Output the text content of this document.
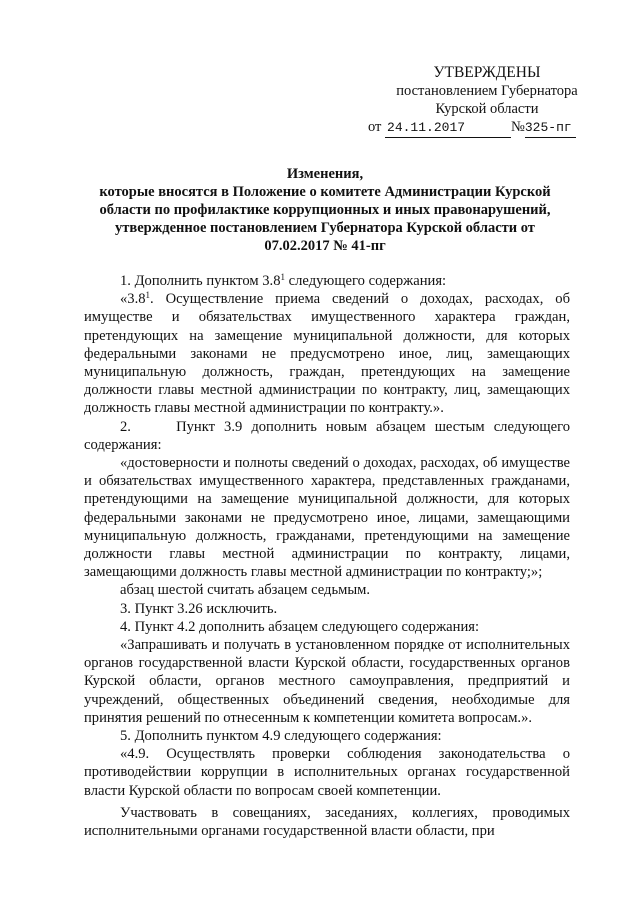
УТВЕРЖДЕНЫ
постановлением Губернатора
Курской области
от 24.11.2017	№325-пг
Изменения,
которые вносятся в Положение о комитете Администрации Курской
области по профилактике коррупционных и иных правонарушений,
утвержденное постановлением Губернатора Курской области от
07.02.2017 № 41-пг

1. Дополнить пунктом $3.8^1$ следующего содержания:

«$3.8^1$. Осуществление приема сведений о доходах, расходах, об имуществе и обязательствах имущественного характера граждан, претендующих на замещение муниципальной должности, для которых федеральными законами не предусмотрено иное, лиц, замещающих муниципальную должность, граждан, претендующих на замещение должности главы местной администрации по контракту, лиц, замещающих должность главы местной администрации по контракту.».

2.     Пункт 3.9 дополнить новым абзацем шестым следующего содержания:

«достоверности и полноты сведений о доходах, расходах, об имуществе и обязательствах имущественного характера, представленных гражданами, претендующими на замещение муниципальной должности, для которых федеральными законами не предусмотрено иное, лицами, замещающими муниципальную должность, гражданами, претендующими на замещение должности главы местной администрации по контракту, лицами, замещающими должность главы местной администрации по контракту;»;

абзац шестой считать абзацем седьмым.

3. Пункт 3.26 исключить.

4. Пункт 4.2 дополнить абзацем следующего содержания:

«Запрашивать и получать в установленном порядке от исполнительных органов государственной власти Курской области, государственных органов Курской области, органов местного самоуправления, предприятий и учреждений, общественных объединений сведения, необходимые для принятия решений по отнесенным к компетенции комитета вопросам.».

5. Дополнить пунктом 4.9 следующего содержания:

«4.9. Осуществлять проверки соблюдения законодательства о противодействии коррупции в исполнительных органах государственной власти Курской области по вопросам своей компетенции.

Участвовать в совещаниях, заседаниях, коллегиях, проводимых исполнительными органами государственной власти области, при
